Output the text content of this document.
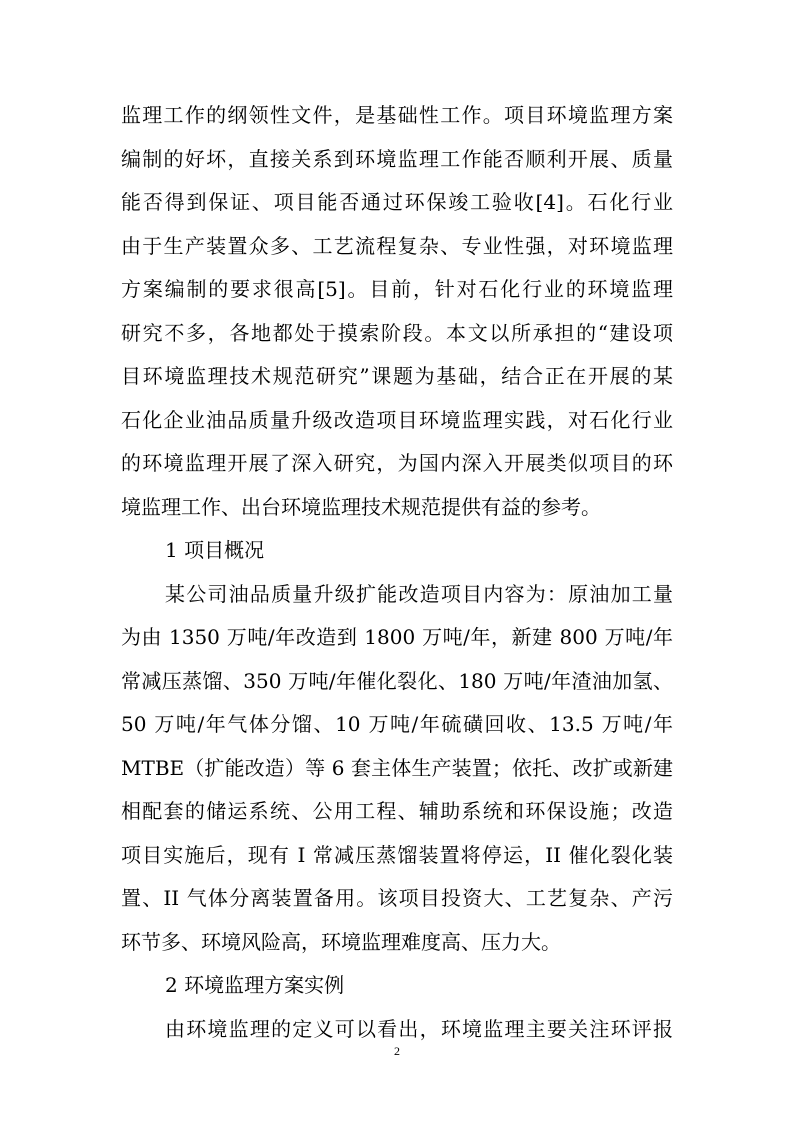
监理工作的纲领性文件，是基础性工作。项目环境监理方案
编制的好坏，直接关系到环境监理工作能否顺利开展、质量
能否得到保证、项目能否通过环保竣工验收[4]。石化行业
由于生产装置众多、工艺流程复杂、专业性强，对环境监理
方案编制的要求很高[5]。目前，针对石化行业的环境监理
研究不多，各地都处于摸索阶段。本文以所承担的“建设项
目环境监理技术规范研究”课题为基础，结合正在开展的某
石化企业油品质量升级改造项目环境监理实践，对石化行业
的环境监理开展了深入研究，为国内深入开展类似项目的环
境监理工作、出台环境监理技术规范提供有益的参考。
1 项目概况
某公司油品质量升级扩能改造项目内容为：原油加工量
为由 1350 万吨/年改造到 1800 万吨/年，新建 800 万吨/年
常减压蒸馏、350 万吨/年催化裂化、180 万吨/年渣油加氢、
50 万吨/年气体分馏、10 万吨/年硫磺回收、13.5 万吨/年
MTBE（扩能改造）等 6 套主体生产装置；依托、改扩或新建
相配套的储运系统、公用工程、辅助系统和环保设施；改造
项目实施后，现有 I 常减压蒸馏装置将停运，II 催化裂化装
置、II 气体分离装置备用。该项目投资大、工艺复杂、产污
环节多、环境风险高，环境监理难度高、压力大。
2 环境监理方案实例
由环境监理的定义可以看出，环境监理主要关注环评报
2
